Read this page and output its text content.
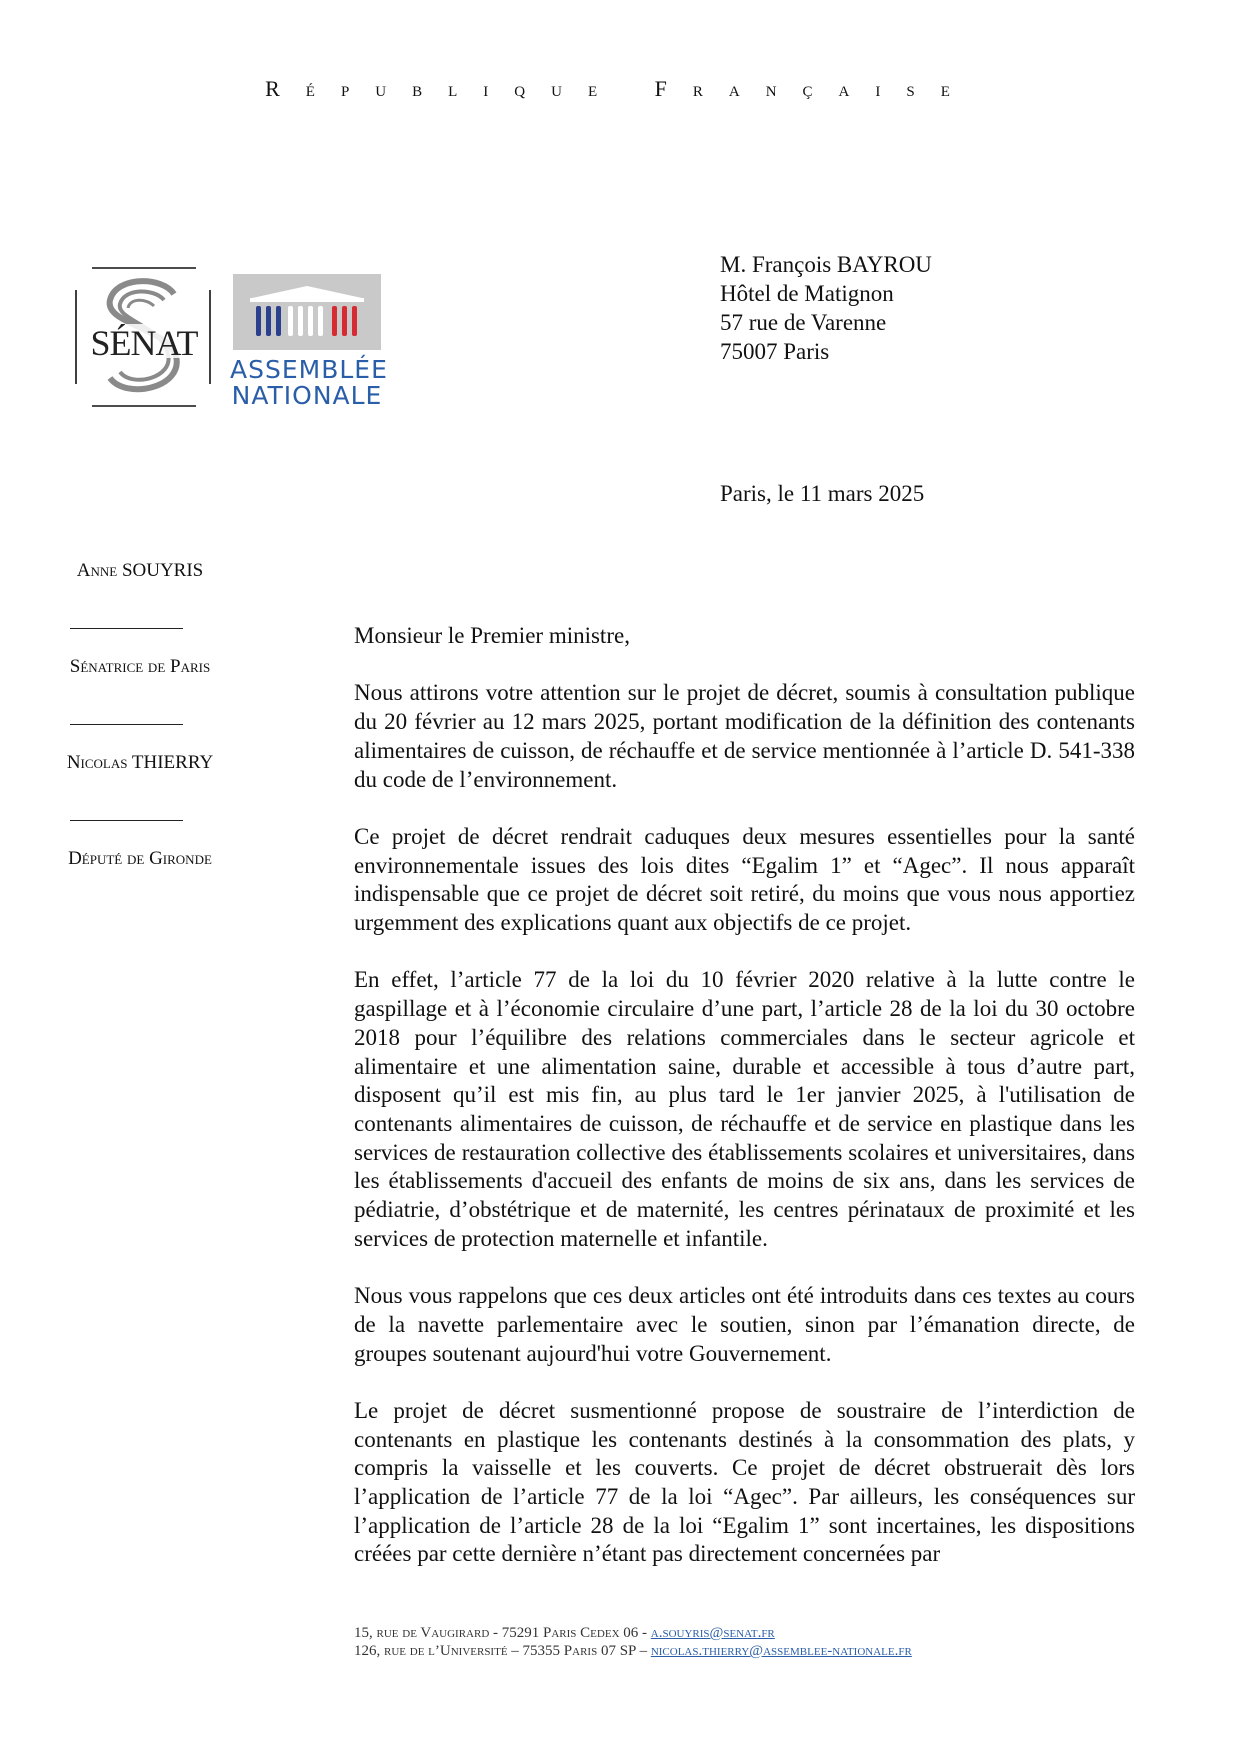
République Française
SÉNAT
ASSEMBLÉE
NATIONALE
M. François BAYROU
Hôtel de Matignon
57 rue de Varenne
75007 Paris
Paris, le 11 mars 2025
Anne SOUYRIS
Sénatrice de Paris
Nicolas THIERRY
Député de Gironde

Monsieur le Premier ministre,

Nous attirons votre attention sur le projet de décret, soumis à consultation publique du 20 février au 12 mars 2025, portant modification de la définition des contenants alimentaires de cuisson, de réchauffe et de service mentionnée à l’article D. 541-338 du code de l’environnement.

Ce projet de décret rendrait caduques deux mesures essentielles pour la santé environnementale issues des lois dites “Egalim 1” et “Agec”. Il nous apparaît indispensable que ce projet de décret soit retiré, du moins que vous nous apportiez urgemment des explications quant aux objectifs de ce projet.

En effet, l’article 77 de la loi du 10 février 2020 relative à la lutte contre le gaspillage et à l’économie circulaire d’une part, l’article 28 de la loi du 30 octobre 2018 pour l’équilibre des relations commerciales dans le secteur agricole et alimentaire et une alimentation saine, durable et accessible à tous d’autre part, disposent qu’il est mis fin, au plus tard le 1er janvier 2025, à l'utilisation de contenants alimentaires de cuisson, de réchauffe et de service en plastique dans les services de restauration collective des établissements scolaires et universitaires, dans les établissements d'accueil des enfants de moins de six ans, dans les services de pédiatrie, d’obstétrique et de maternité, les centres périnataux de proximité et les services de protection maternelle et infantile.

Nous vous rappelons que ces deux articles ont été introduits dans ces textes au cours de la navette parlementaire avec le soutien, sinon par l’émanation directe, de groupes soutenant aujourd'hui votre Gouvernement.

Le projet de décret susmentionné propose de soustraire de l’interdiction de contenants en plastique les contenants destinés à la consommation des plats, y compris la vaisselle et les couverts. Ce projet de décret obstruerait dès lors l’application de l’article 77 de la loi “Agec”. Par ailleurs, les conséquences sur l’application de l’article 28 de la loi “Egalim 1” sont incertaines, les dispositions créées par cette dernière n’étant pas directement concernées par

15, rue de Vaugirard - 75291 Paris Cedex 06 - a.souyris@senat.fr
126, rue de l’Université – 75355 Paris 07 SP – nicolas.thierry@assemblee-nationale.fr
